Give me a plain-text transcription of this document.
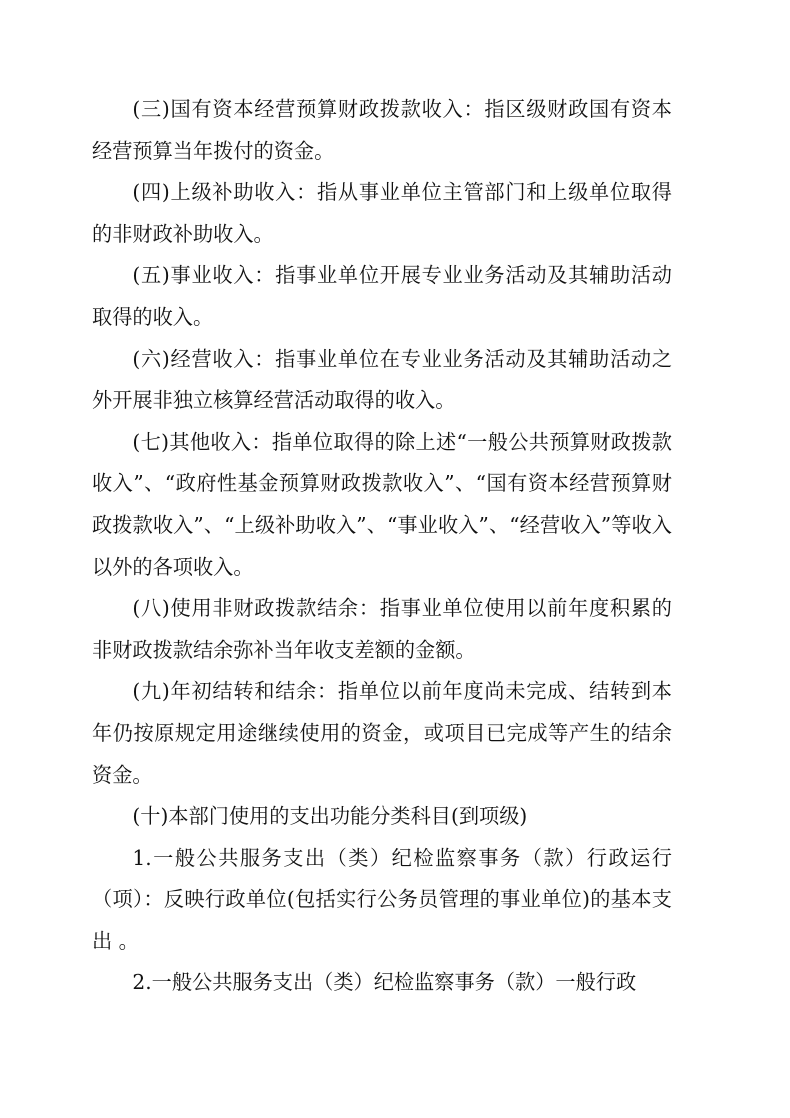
(三)国有资本经营预算财政拨款收入：指区级财政国有资本经营预算当年拨付的资金。

(四)上级补助收入：指从事业单位主管部门和上级单位取得的非财政补助收入。

(五)事业收入：指事业单位开展专业业务活动及其辅助活动取得的收入。

(六)经营收入：指事业单位在专业业务活动及其辅助活动之外开展非独立核算经营活动取得的收入。

(七)其他收入：指单位取得的除上述“一般公共预算财政拨款收入”、“政府性基金预算财政拨款收入”、“国有资本经营预算财政拨款收入”、“上级补助收入”、“事业收入”、“经营收入”等收入以外的各项收入。

(八)使用非财政拨款结余：指事业单位使用以前年度积累的非财政拨款结余弥补当年收支差额的金额。

(九)年初结转和结余：指单位以前年度尚未完成、结转到本年仍按原规定用途继续使用的资金，或项目已完成等产生的结余资金。

(十)本部门使用的支出功能分类科目(到项级)

1.一般公共服务支出（类）纪检监察事务（款）行政运行（项）：反映行政单位(包括实行公务员管理的事业单位)的基本支出 。

2.一般公共服务支出（类）纪检监察事务（款）一般行政
